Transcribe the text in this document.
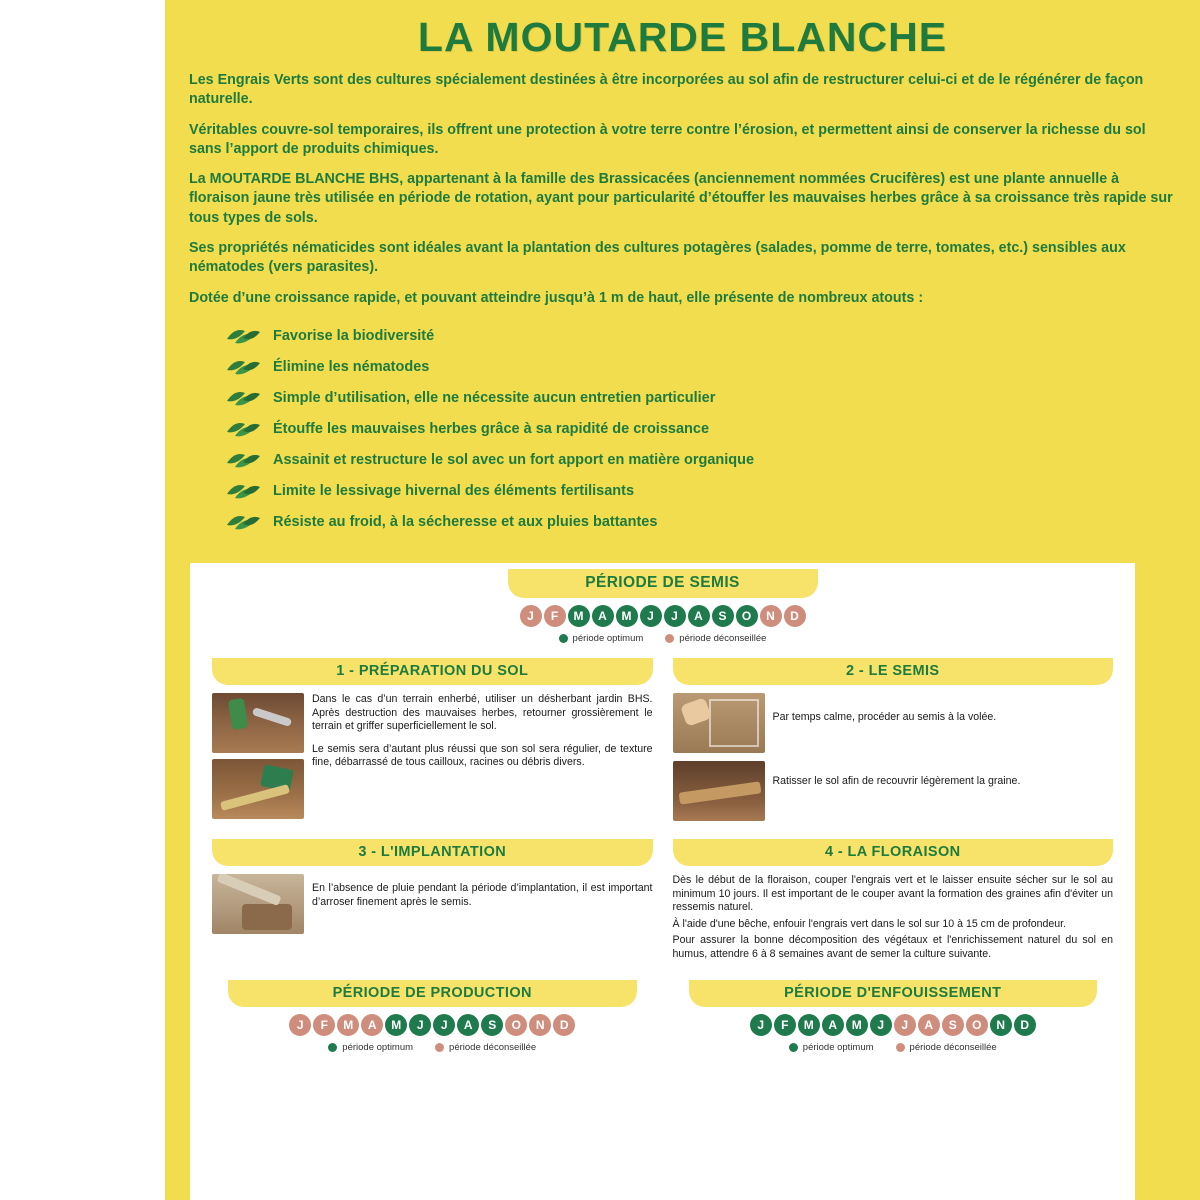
LA MOUTARDE BLANCHE

Les Engrais Verts sont des cultures spécialement destinées à être incorporées au sol afin de restructurer celui-ci et de le régénérer de façon naturelle.

Véritables couvre-sol temporaires, ils offrent une protection à votre terre contre l’érosion, et permettent ainsi de conserver la richesse du sol sans l’apport de produits chimiques.

La MOUTARDE BLANCHE BHS, appartenant à la famille des Brassicacées (anciennement nommées Crucifères) est une plante annuelle à floraison jaune très utilisée en période de rotation, ayant pour particularité d’étouffer les mauvaises herbes grâce à sa croissance très rapide sur tous types de sols.

Ses propriétés nématicides sont idéales avant la plantation des cultures potagères (salades, pomme de terre, tomates, etc.) sensibles aux nématodes (vers parasites).

Dotée d’une croissance rapide, et pouvant atteindre jusqu’à 1 m de haut, elle présente de nombreux atouts :

Favorise la biodiversité
Élimine les nématodes
Simple d’utilisation, elle ne nécessite aucun entretien particulier
Étouffe les mauvaises herbes grâce à sa rapidité de croissance
Assainit et restructure le sol avec un fort apport en matière organique
Limite le lessivage hivernal des éléments fertilisants
Résiste au froid, à la sécheresse et aux pluies battantes
PÉRIODE DE SEMIS
J	F	M	A	M	J	J	A	S	O	N	D
période optimum	période déconseillée
1 - PRÉPARATION DU SOL

Dans le cas d’un terrain enherbé, utiliser un désherbant jardin BHS. Après destruction des mauvaises herbes, retourner grossièrement le terrain et griffer superficiellement le sol.

Le semis sera d’autant plus réussi que son sol sera régulier, de texture fine, débarrassé de tous cailloux, racines ou débris divers.

2 - LE SEMIS
Par temps calme, procéder au semis à la volée.
Ratisser le sol afin de recouvrir légèrement la graine.
3 - L'IMPLANTATION
En l’absence de pluie pendant la période d’implantation, il est important d’arroser finement après le semis.
4 - LA FLORAISON

Dès le début de la floraison, couper l'engrais vert et le laisser ensuite sécher sur le sol au minimum 10 jours. Il est important de le couper avant la formation des graines afin d'éviter un ressemis naturel.

À l'aide d'une bêche, enfouir l'engrais vert dans le sol sur 10 à 15 cm de profondeur.

Pour assurer la bonne décomposition des végétaux et l'enrichissement naturel du sol en humus, attendre 6 à 8 semaines avant de semer la culture suivante.

PÉRIODE DE PRODUCTION
J	F	M	A	M	J	J	A	S	O	N	D
période optimum	période déconseillée
PÉRIODE D'ENFOUISSEMENT
J	F	M	A	M	J	J	A	S	O	N	D
période optimum	période déconseillée
